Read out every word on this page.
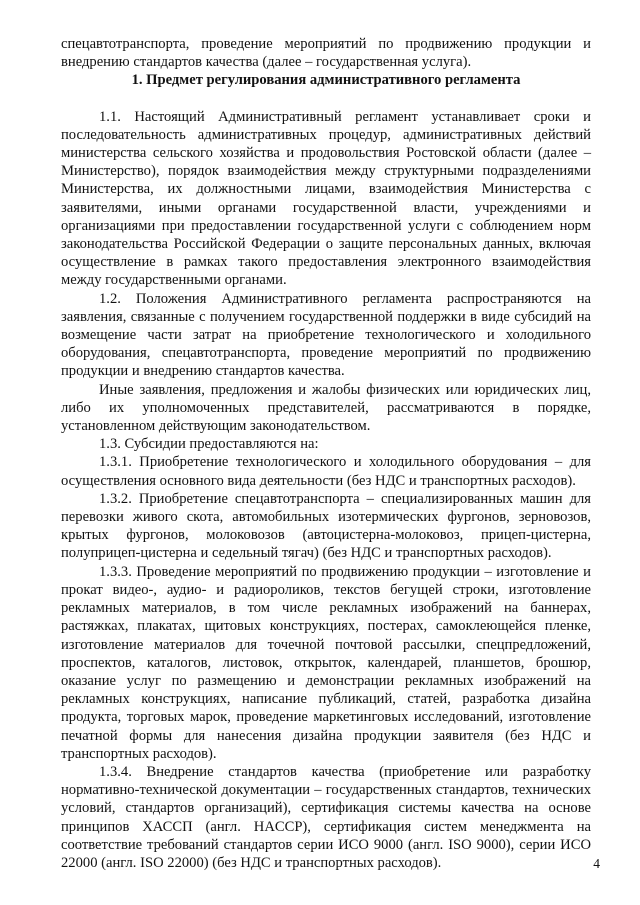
спецавтотранспорта, проведение мероприятий по продвижению продукции и внедрению стандартов качества (далее – государственная услуга).

1. Предмет регулирования административного регламента

1.1. Настоящий Административный регламент устанавливает сроки и последовательность административных процедур, административных действий министерства сельского хозяйства и продовольствия Ростовской области (далее – Министерство), порядок взаимодействия между структурными подразделениями Министерства, их должностными лицами, взаимодействия Министерства с заявителями, иными органами государственной власти, учреждениями и организациями при предоставлении государственной услуги с соблюдением норм законодательства Российской Федерации о защите персональных данных, включая осуществление в рамках такого предоставления электронного взаимодействия между государственными органами.

1.2. Положения Административного регламента распространяются на заявления, связанные с получением государственной поддержки в виде субсидий на возмещение части затрат на приобретение технологического и холодильного оборудования, спецавтотранспорта, проведение мероприятий по продвижению продукции и внедрению стандартов качества.

Иные заявления, предложения и жалобы физических или юридических лиц, либо их уполномоченных представителей, рассматриваются в порядке, установленном действующим законодательством.

1.3. Субсидии предоставляются на:

1.3.1. Приобретение технологического и холодильного оборудования – для осуществления основного вида деятельности (без НДС и транспортных расходов).

1.3.2. Приобретение спецавтотранспорта – специализированных машин для перевозки живого скота, автомобильных изотермических фургонов, зерновозов, крытых фургонов, молоковозов (автоцистерна-молоковоз, прицеп-цистерна, полуприцеп-цистерна и седельный тягач) (без НДС и транспортных расходов).

1.3.3. Проведение мероприятий по продвижению продукции – изготовление и прокат видео-, аудио- и радиороликов, текстов бегущей строки, изготовление рекламных материалов, в том числе рекламных изображений на баннерах, растяжках, плакатах, щитовых конструкциях, постерах, самоклеющейся пленке, изготовление материалов для точечной почтовой рассылки, спецпредложений, проспектов, каталогов, листовок, открыток, календарей, планшетов, брошюр, оказание услуг по размещению и демонстрации рекламных изображений на рекламных конструкциях, написание публикаций, статей, разработка дизайна продукта, торговых марок, проведение маркетинговых исследований, изготовление печатной формы для нанесения дизайна продукции заявителя (без НДС и транспортных расходов).

1.3.4. Внедрение стандартов качества (приобретение или разработку нормативно-технической документации – государственных стандартов, технических условий, стандартов организаций), сертификация системы качества на основе принципов ХАССП (англ. HACCP), сертификация систем менеджмента на соответствие требований стандартов серии ИСО 9000 (англ. ISO 9000), серии ИСО 22000 (англ. ISO 22000) (без НДС и транспортных расходов).	4
